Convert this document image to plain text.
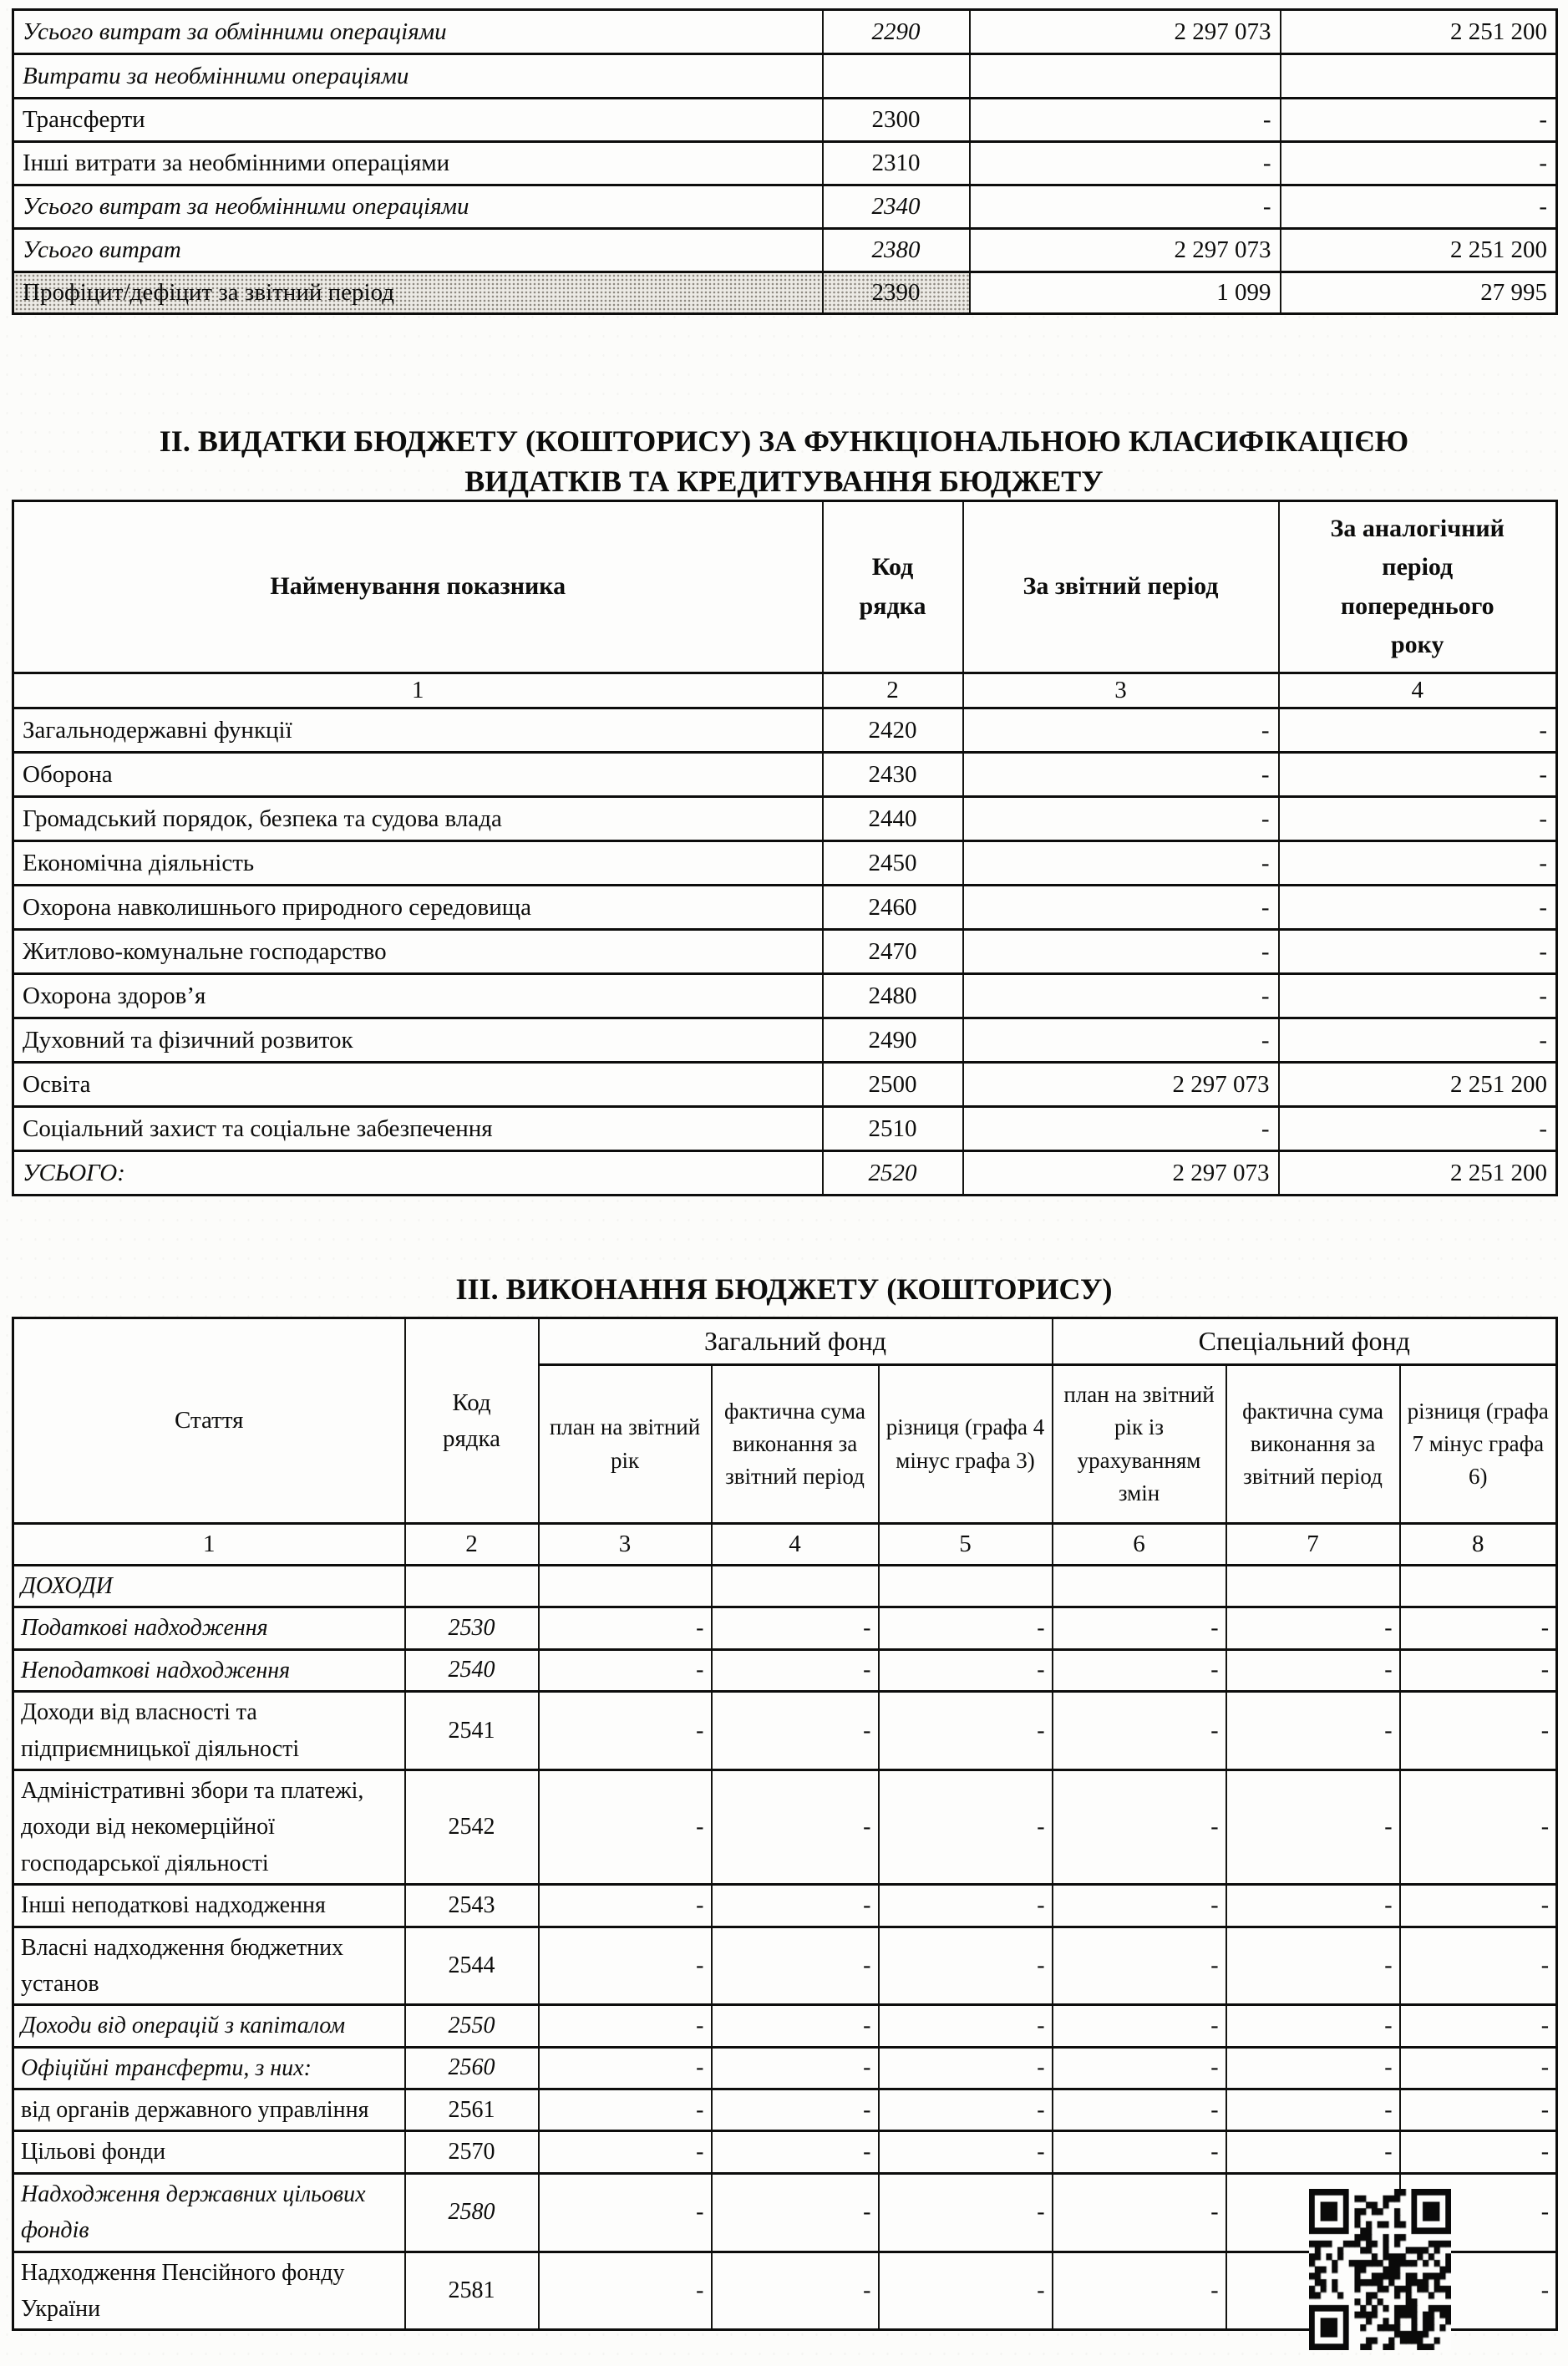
Усього витрат за обмінними операціями	2290	2 297 073	2 251 200
Витрати за необмінними операціями			
Трансферти	2300	-	-
Інші витрати за необмінними операціями	2310	-	-
Усього витрат за необмінними операціями	2340	-	-
Усього витрат	2380	2 297 073	2 251 200
Профіцит/дефіцит за звітний період	2390	1 099	27 995
ІІ. ВИДАТКИ БЮДЖЕТУ (КОШТОРИСУ) ЗА ФУНКЦІОНАЛЬНОЮ КЛАСИФІКАЦІЄЮ
ВИДАТКІВ ТА КРЕДИТУВАННЯ БЮДЖЕТУ
Найменування показника	Код рядка	За звітний період	За аналогічний період попереднього року
1	2	3	4
Загальнодержавні функції	2420	-	-
Оборона	2430	-	-
Громадський порядок, безпека та судова влада	2440	-	-
Економічна діяльність	2450	-	-
Охорона навколишнього природного середовища	2460	-	-
Житлово-комунальне господарство	2470	-	-
Охорона здоров’я	2480	-	-
Духовний та фізичний розвиток	2490	-	-
Освіта	2500	2 297 073	2 251 200
Соціальний захист та соціальне забезпечення	2510	-	-
УСЬОГО:	2520	2 297 073	2 251 200
ІІІ. ВИКОНАННЯ БЮДЖЕТУ (КОШТОРИСУ)
Стаття	Код рядка	Загальний фонд			Спеціальний фонд		
		план на звітний рік	фактична сума виконання за звітний період	різниця (графа 4 мінус графа 3)	план на звітний рік із урахуванням змін	фактична сума виконання за звітний період	різниця (графа 7 мінус графа 6)
1	2	3	4	5	6	7	8
ДОХОДИ							
Податкові надходження	2530	-	-	-	-	-	-
Неподаткові надходження	2540	-	-	-	-	-	-
Доходи від власності та підприємницької діяльності	2541	-	-	-	-	-	-
Адміністративні збори та платежі, доходи від некомерційної господарської діяльності	2542	-	-	-	-	-	-
Інші неподаткові надходження	2543	-	-	-	-	-	-
Власні надходження бюджетних установ	2544	-	-	-	-	-	-
Доходи від операцій з капіталом	2550	-	-	-	-	-	-
Офіційні трансферти, з них:	2560	-	-	-	-	-	-
від органів державного управління	2561	-	-	-	-	-	-
Цільові фонди	2570	-	-	-	-	-	-
Надходження державних цільових фондів	2580	-	-	-	-		-
Надходження Пенсійного фонду України	2581	-	-	-	-		-
